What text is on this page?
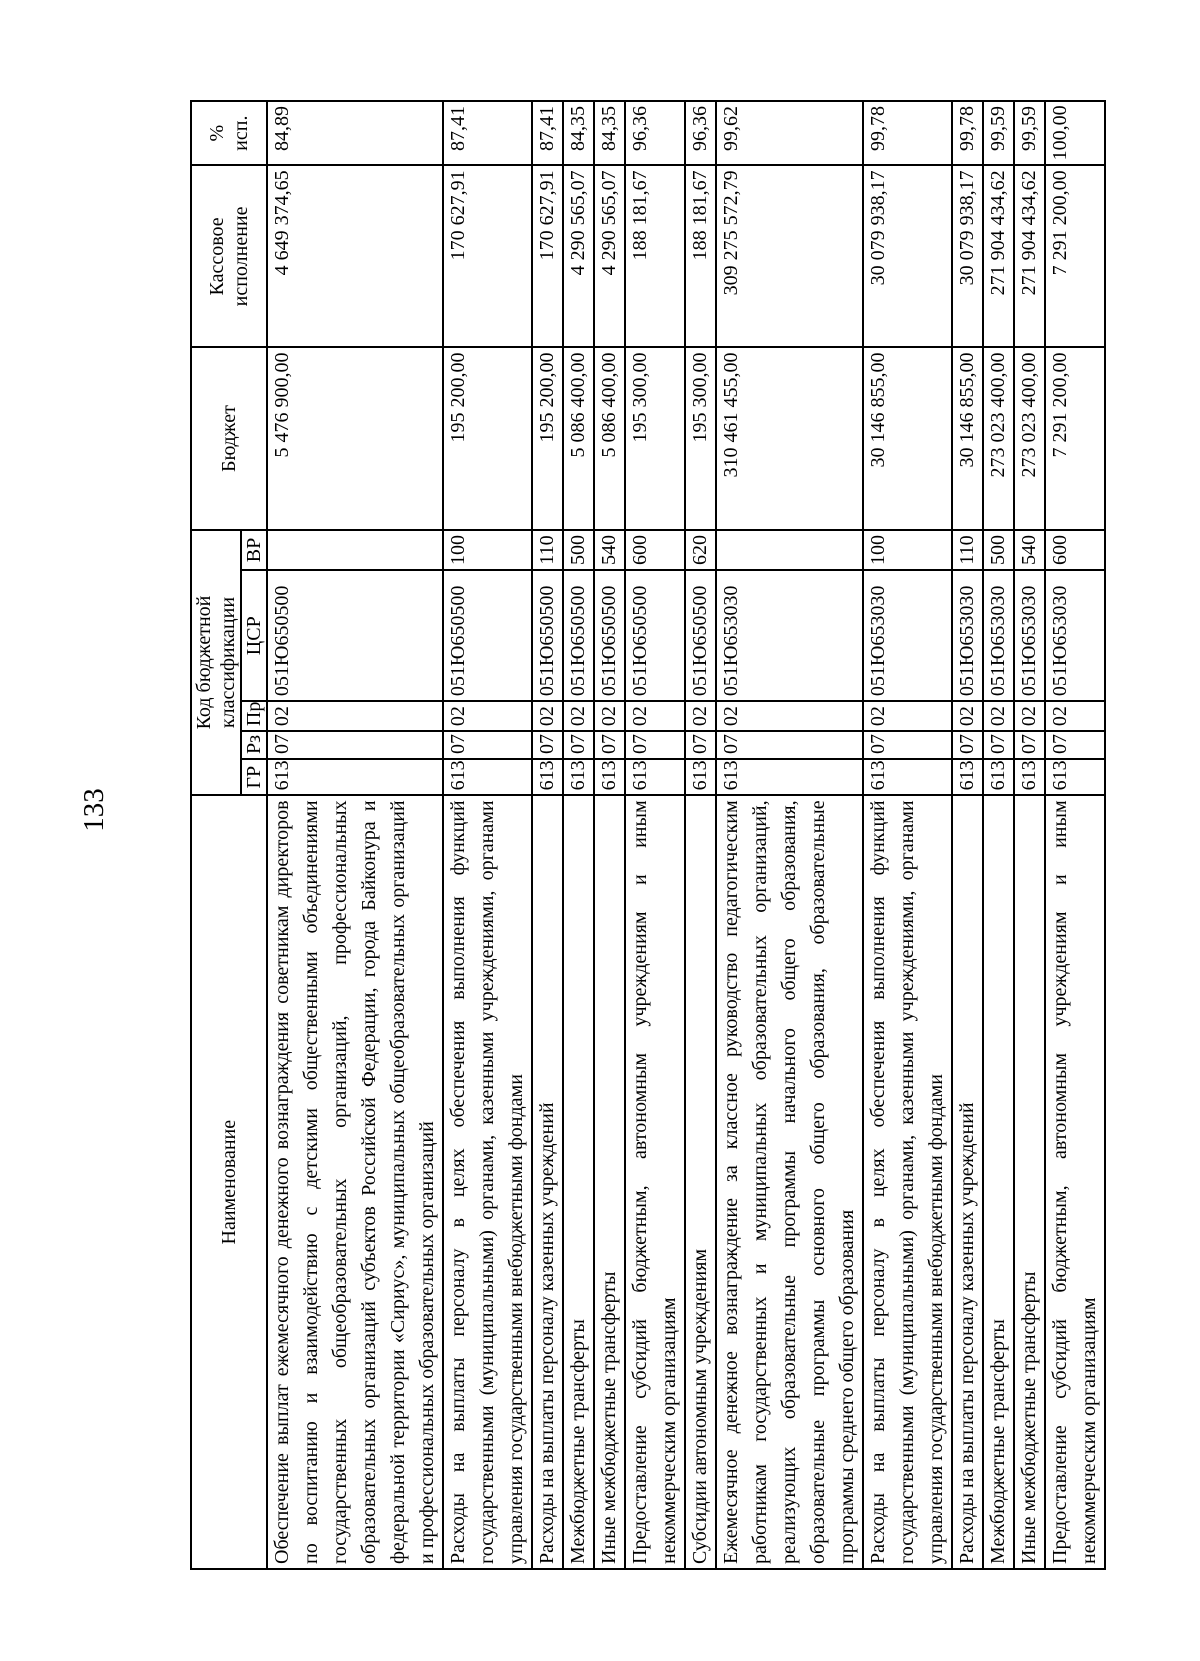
133
Наименование	Код бюджетной классификации					Бюджет	Кассовое исполнение	% исп.
	ГР	Рз	Пр	ЦСР	ВР			
Обеспечение выплат ежемесячного денежного вознаграждения советникам директоров по воспитанию и взаимодействию с детскими общественными объединениями государственных общеобразовательных организаций, профессиональных образовательных организаций субъектов Российской Федерации, города Байконура и федеральной территории «Сириус», муниципальных общеобразовательных организаций и профессиональных образовательных организаций	613	07	02	051Ю650500		5 476 900,00	4 649 374,65	84,89
Расходы на выплаты персоналу в целях обеспечения выполнения функций государственными (муниципальными) органами, казенными учреждениями, органами управления государственными внебюджетными фондами	613	07	02	051Ю650500	100	195 200,00	170 627,91	87,41
Расходы на выплаты персоналу казенных учреждений	613	07	02	051Ю650500	110	195 200,00	170 627,91	87,41
Межбюджетные трансферты	613	07	02	051Ю650500	500	5 086 400,00	4 290 565,07	84,35
Иные межбюджетные трансферты	613	07	02	051Ю650500	540	5 086 400,00	4 290 565,07	84,35
Предоставление субсидий бюджетным, автономным учреждениям и иным некоммерческим организациям	613	07	02	051Ю650500	600	195 300,00	188 181,67	96,36
Субсидии автономным учреждениям	613	07	02	051Ю650500	620	195 300,00	188 181,67	96,36
Ежемесячное денежное вознаграждение за классное руководство педагогическим работникам государственных и муниципальных образовательных организаций, реализующих образовательные программы начального общего образования, образовательные программы основного общего образования, образовательные программы среднего общего образования	613	07	02	051Ю653030		310 461 455,00	309 275 572,79	99,62
Расходы на выплаты персоналу в целях обеспечения выполнения функций государственными (муниципальными) органами, казенными учреждениями, органами управления государственными внебюджетными фондами	613	07	02	051Ю653030	100	30 146 855,00	30 079 938,17	99,78
Расходы на выплаты персоналу казенных учреждений	613	07	02	051Ю653030	110	30 146 855,00	30 079 938,17	99,78
Межбюджетные трансферты	613	07	02	051Ю653030	500	273 023 400,00	271 904 434,62	99,59
Иные межбюджетные трансферты	613	07	02	051Ю653030	540	273 023 400,00	271 904 434,62	99,59
Предоставление субсидий бюджетным, автономным учреждениям и иным некоммерческим организациям	613	07	02	051Ю653030	600	7 291 200,00	7 291 200,00	100,00
